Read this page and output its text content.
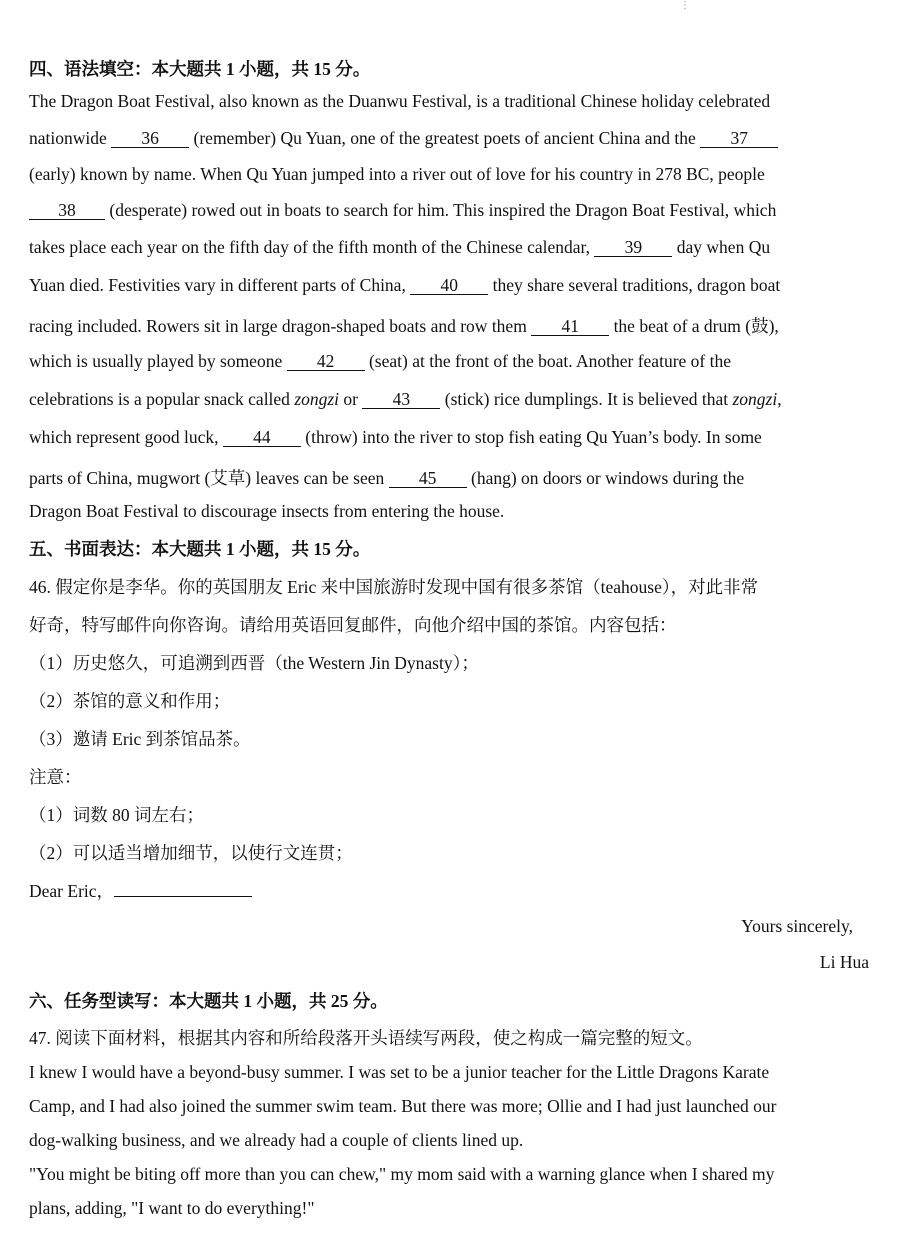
⋮
四、语法填空：本大题共 1 小题，共 15 分。
The Dragon Boat Festival, also known as the Duanwu Festival, is a traditional Chinese holiday celebrated
nationwide 36 (remember) Qu Yuan, one of the greatest poets of ancient China and the 37
(early) known by name. When Qu Yuan jumped into a river out of love for his country in 278 BC, people
38 (desperate) rowed out in boats to search for him. This inspired the Dragon Boat Festival, which
takes place each year on the fifth day of the fifth month of the Chinese calendar, 39 day when Qu
Yuan died. Festivities vary in different parts of China, 40 they share several traditions, dragon boat
racing included. Rowers sit in large dragon-shaped boats and row them 41 the beat of a drum (鼓),
which is usually played by someone 42 (seat) at the front of the boat. Another feature of the
celebrations is a popular snack called zongzi or 43 (stick) rice dumplings. It is believed that zongzi,
which represent good luck, 44 (throw) into the river to stop fish eating Qu Yuan’s body. In some
parts of China, mugwort (艾草) leaves can be seen 45 (hang) on doors or windows during the
Dragon Boat Festival to discourage insects from entering the house.
五、书面表达：本大题共 1 小题，共 15 分。
46. 假定你是李华。你的英国朋友 Eric 来中国旅游时发现中国有很多茶馆（teahouse），对此非常
好奇，特写邮件向你咨询。请给用英语回复邮件，向他介绍中国的茶馆。内容包括：
（1）历史悠久，可追溯到西晋（the Western Jin Dynasty）；
（2）茶馆的意义和作用；
（3）邀请 Eric 到茶馆品茶。
注意：
（1）词数 80 词左右；
（2）可以适当增加细节，以使行文连贯；
Dear Eric，
Yours sincerely,
Li Hua
六、任务型读写：本大题共 1 小题，共 25 分。
47. 阅读下面材料，根据其内容和所给段落开头语续写两段，使之构成一篇完整的短文。
I knew I would have a beyond-busy summer. I was set to be a junior teacher for the Little Dragons Karate
Camp, and I had also joined the summer swim team. But there was more; Ollie and I had just launched our
dog-walking business, and we already had a couple of clients lined up.
"You might be biting off more than you can chew," my mom said with a warning glance when I shared my
plans, adding, "I want to do everything!"
